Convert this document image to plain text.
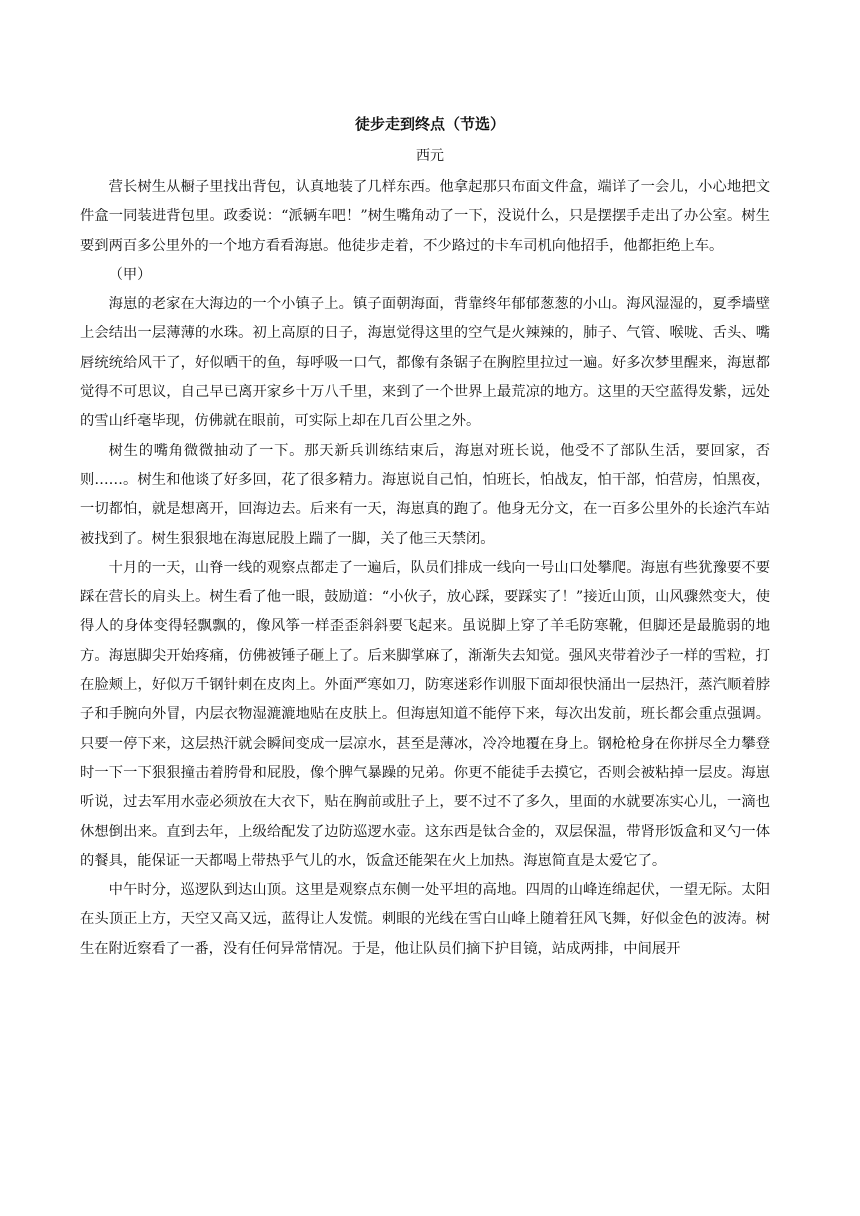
徒步走到终点（节选）
西元

营长树生从橱子里找出背包，认真地装了几样东西。他拿起那只布面文件盒，端详了一会儿，小心地把文件盒一同装进背包里。政委说：“派辆车吧！”树生嘴角动了一下，没说什么，只是摆摆手走出了办公室。树生要到两百多公里外的一个地方看看海崽。他徒步走着，不少路过的卡车司机向他招手，他都拒绝上车。

（甲）

海崽的老家在大海边的一个小镇子上。镇子面朝海面，背靠终年郁郁葱葱的小山。海风湿湿的，夏季墙壁上会结出一层薄薄的水珠。初上高原的日子，海崽觉得这里的空气是火辣辣的，肺子、气管、喉咙、舌头、嘴唇统统给风干了，好似晒干的鱼，每呼吸一口气，都像有条锯子在胸腔里拉过一遍。好多次梦里醒来，海崽都觉得不可思议，自己早已离开家乡十万八千里，来到了一个世界上最荒凉的地方。这里的天空蓝得发紫，远处的雪山纤毫毕现，仿佛就在眼前，可实际上却在几百公里之外。

树生的嘴角微微抽动了一下。那天新兵训练结束后，海崽对班长说，他受不了部队生活，要回家，否则……。树生和他谈了好多回，花了很多精力。海崽说自己怕，怕班长，怕战友，怕干部，怕营房，怕黑夜，一切都怕，就是想离开，回海边去。后来有一天，海崽真的跑了。他身无分文，在一百多公里外的长途汽车站被找到了。树生狠狠地在海崽屁股上踹了一脚，关了他三天禁闭。

十月的一天，山脊一线的观察点都走了一遍后，队员们排成一线向一号山口处攀爬。海崽有些犹豫要不要踩在营长的肩头上。树生看了他一眼，鼓励道：“小伙子，放心踩，要踩实了！”接近山顶，山风骤然变大，使得人的身体变得轻飘飘的，像风筝一样歪歪斜斜要飞起来。虽说脚上穿了羊毛防寒靴，但脚还是最脆弱的地方。海崽脚尖开始疼痛，仿佛被锤子砸上了。后来脚掌麻了，渐渐失去知觉。强风夹带着沙子一样的雪粒，打在脸颊上，好似万千钢针刺在皮肉上。外面严寒如刀，防寒迷彩作训服下面却很快涌出一层热汗，蒸汽顺着脖子和手腕向外冒，内层衣物湿漉漉地贴在皮肤上。但海崽知道不能停下来，每次出发前，班长都会重点强调。只要一停下来，这层热汗就会瞬间变成一层凉水，甚至是薄冰，冷冷地覆在身上。钢枪枪身在你拼尽全力攀登时一下一下狠狠撞击着胯骨和屁股，像个脾气暴躁的兄弟。你更不能徒手去摸它，否则会被粘掉一层皮。海崽听说，过去军用水壶必须放在大衣下，贴在胸前或肚子上，要不过不了多久，里面的水就要冻实心儿，一滴也休想倒出来。直到去年，上级给配发了边防巡逻水壶。这东西是钛合金的，双层保温，带肾形饭盒和叉勺一体的餐具，能保证一天都喝上带热乎气儿的水，饭盒还能架在火上加热。海崽简直是太爱它了。

中午时分，巡逻队到达山顶。这里是观察点东侧一处平坦的高地。四周的山峰连绵起伏，一望无际。太阳在头顶正上方，天空又高又远，蓝得让人发慌。刺眼的光线在雪白山峰上随着狂风飞舞，好似金色的波涛。树生在附近察看了一番，没有任何异常情况。于是，他让队员们摘下护目镜，站成两排，中间展开
